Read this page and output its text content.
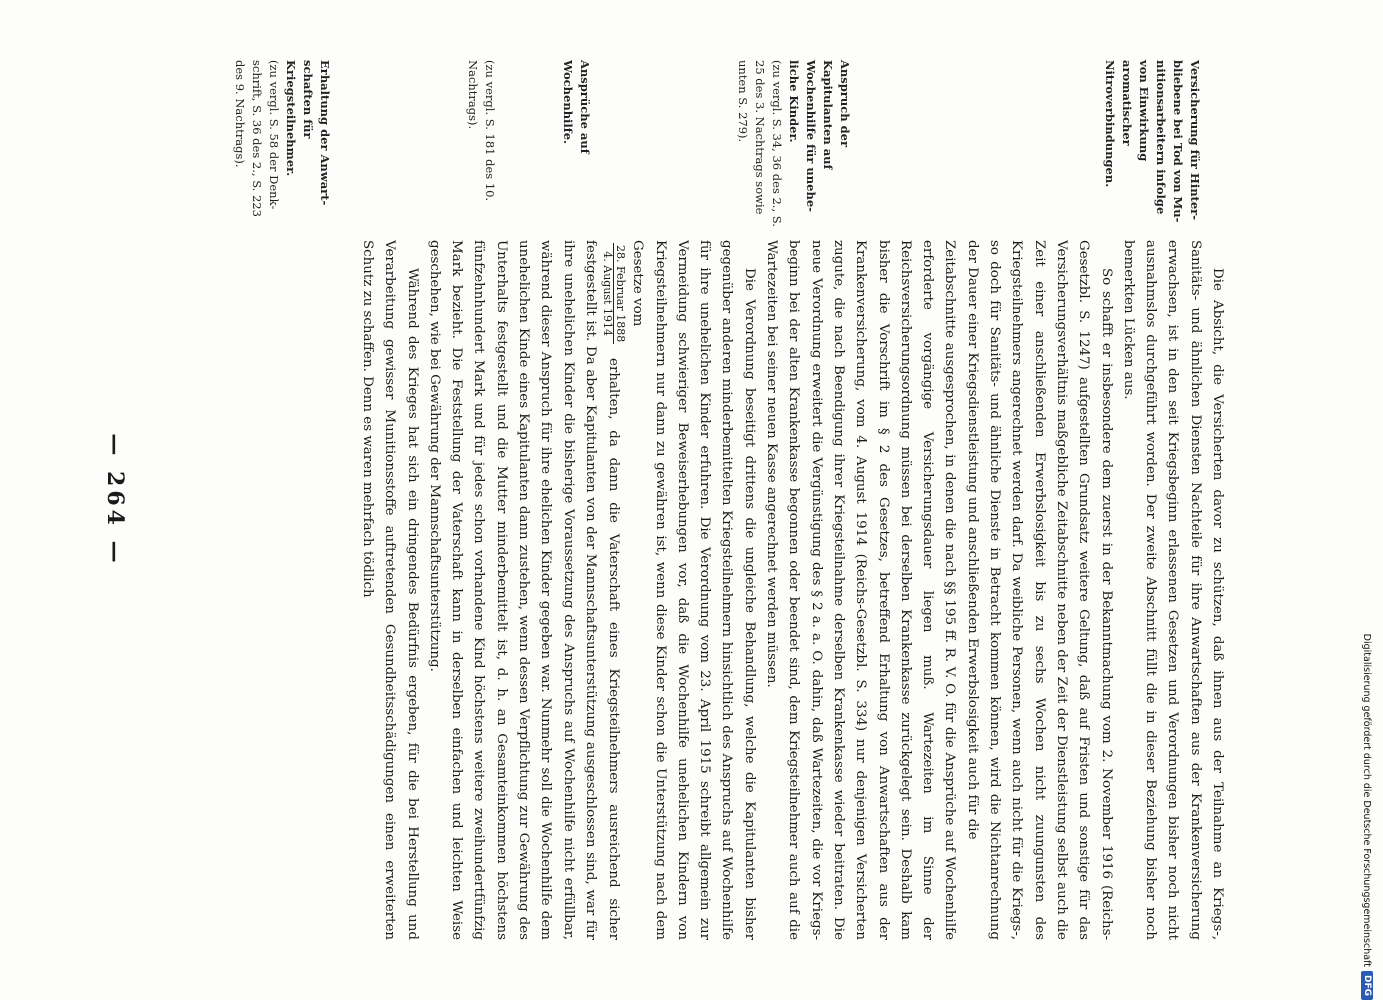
— 264 —
Erhaltung der Anwartschaften für Kriegsteilnehmer.
(zu vergl. S. 58 der Denkschrift, S. 36 des 2., S. 223 des 9. Nachtrags).

Die Absicht, die Versicherten davor zu schützen, daß ihnen aus der Teilnahme an Kriegs-, Sanitäts- und ähnlichen Diensten Nachteile für ihre Anwartschaften aus der Krankenversicherung erwachsen, ist in den seit Kriegsbeginn erlassenen Gesetzen und Verordnungen bisher noch nicht ausnahmslos durchgeführt worden. Der zweite Abschnitt füllt die in dieser Beziehung bisher noch bemerkten Lücken aus.

So schafft er insbesondere dem zuerst in der Bekanntmachung vom 2. November 1916 (Reichs-Gesetzbl. S. 1247) aufgestellten Grundsatz weitere Geltung, daß auf Fristen und sonstige für das Versicherungsverhältnis maßgebliche Zeitabschnitte neben der Zeit der Dienstleistung selbst auch die Zeit einer anschließenden Erwerbslosigkeit bis zu sechs Wochen nicht zuungunsten des Kriegsteilnehmers angerechnet werden darf. Da weibliche Personen, wenn auch nicht für die Kriegs-, so doch für Sanitäts- und ähnliche Dienste in Betracht kommen können, wird die Nichtanrechnung der Dauer einer Kriegsdienstleistung und anschließenden Erwerbslosigkeit auch für die

Zeitabschnitte ausgesprochen, in denen die nach §§ 195 ff. R. V. O. für die Ansprüche auf Wochenhilfe erforderte vorgängige Versicherungsdauer liegen muß. Wartezeiten im Sinne der Reichsversicherungsordnung müssen bei derselben Krankenkasse zurückgelegt sein. Deshalb kam bisher die Vorschrift im § 2 des Gesetzes, betreffend Erhaltung von Anwartschaften aus der Krankenversicherung, vom 4. August 1914 (Reichs-Gesetzbl. S. 334) nur denjenigen Versicherten zugute, die nach Beendigung ihrer Kriegsteilnahme derselben Krankenkasse wieder beitraten. Die neue Verordnung erweitert die Vergünstigung des § 2 a. a. O. dahin, daß Wartezeiten, die vor Kriegsbeginn bei der alten Krankenkasse begonnen oder beendet sind, dem Kriegsteilnehmer auch auf die Wartezeiten bei seiner neuen Kasse angerechnet werden müssen.

Die Verordnung beseitigt drittens die ungleiche Behandlung, welche die Kapitulanten bisher gegenüber anderen minderbemittelten Kriegsteilnehmern hinsichtlich des Anspruchs auf Wochenhilfe für ihre unehelichen Kinder erfuhren. Die Verordnung vom 23. April 1915 schreibt allgemein zur Vermeidung schwieriger Beweiserhebungen vor, daß die Wochenhilfe unehelichen Kindern von Kriegsteilnehmern nur dann zu gewähren ist, wenn diese Kinder schon die Unterstützung nach dem Gesetze vom

28. Februar 1888
4. August 1914
erhalten, da dann die Vaterschaft eines Kriegsteilnehmers ausreichend sicher festgestellt ist. Da aber Kapitulanten von der Mannschaftsunterstützung ausgeschlossen sind, war für ihre unehelichen Kinder die bisherige Voraussetzung des Anspruchs auf Wochenhilfe nicht erfüllbar, während dieser Anspruch für ihre ehelichen Kinder gegeben war. Nunmehr soll die Wochenhilfe dem unehelichen Kinde eines Kapitulanten dann zustehen, wenn dessen Verpflichtung zur Gewährung des Unterhalts festgestellt und die Mutter minderbemittelt ist, d. h. an Gesamteinkommen höchstens fünfzehnhundert Mark und für jedes schon vorhandene Kind höchstens weitere zweihundertfünfzig Mark bezieht. Die Feststellung der Vaterschaft kann in derselben einfachen und leichten Weise geschehen, wie bei Gewährung der Mannschaftsunterstützung.

Während des Krieges hat sich ein dringendes Bedürfnis ergeben, für die bei Herstellung und Verarbeitung gewisser Munitionsstoffe auftretenden Gesundheitsschädigungen einen erweiterten Schutz zu schaffen. Denn es waren mehrfach tödlich

(zu vergl. S. 181 des 10. Nachtrags).	Ansprüche auf Wochenhilfe.	Anspruch der Kapitulanten auf Wochenhilfe für uneheliche Kinder.
(zu vergl. S. 34, 36 des 2., S. 25 des 3. Nachtrags sowie unten S. 279).	Versicherung für Hinterbliebene bei Tod von Munitionsarbeitern infolge von Einwirkung aromatischer Nitroverbindungen.
Digitalisierung gefördert durch die Deutsche Forschungsgemeinschaft
DFG
